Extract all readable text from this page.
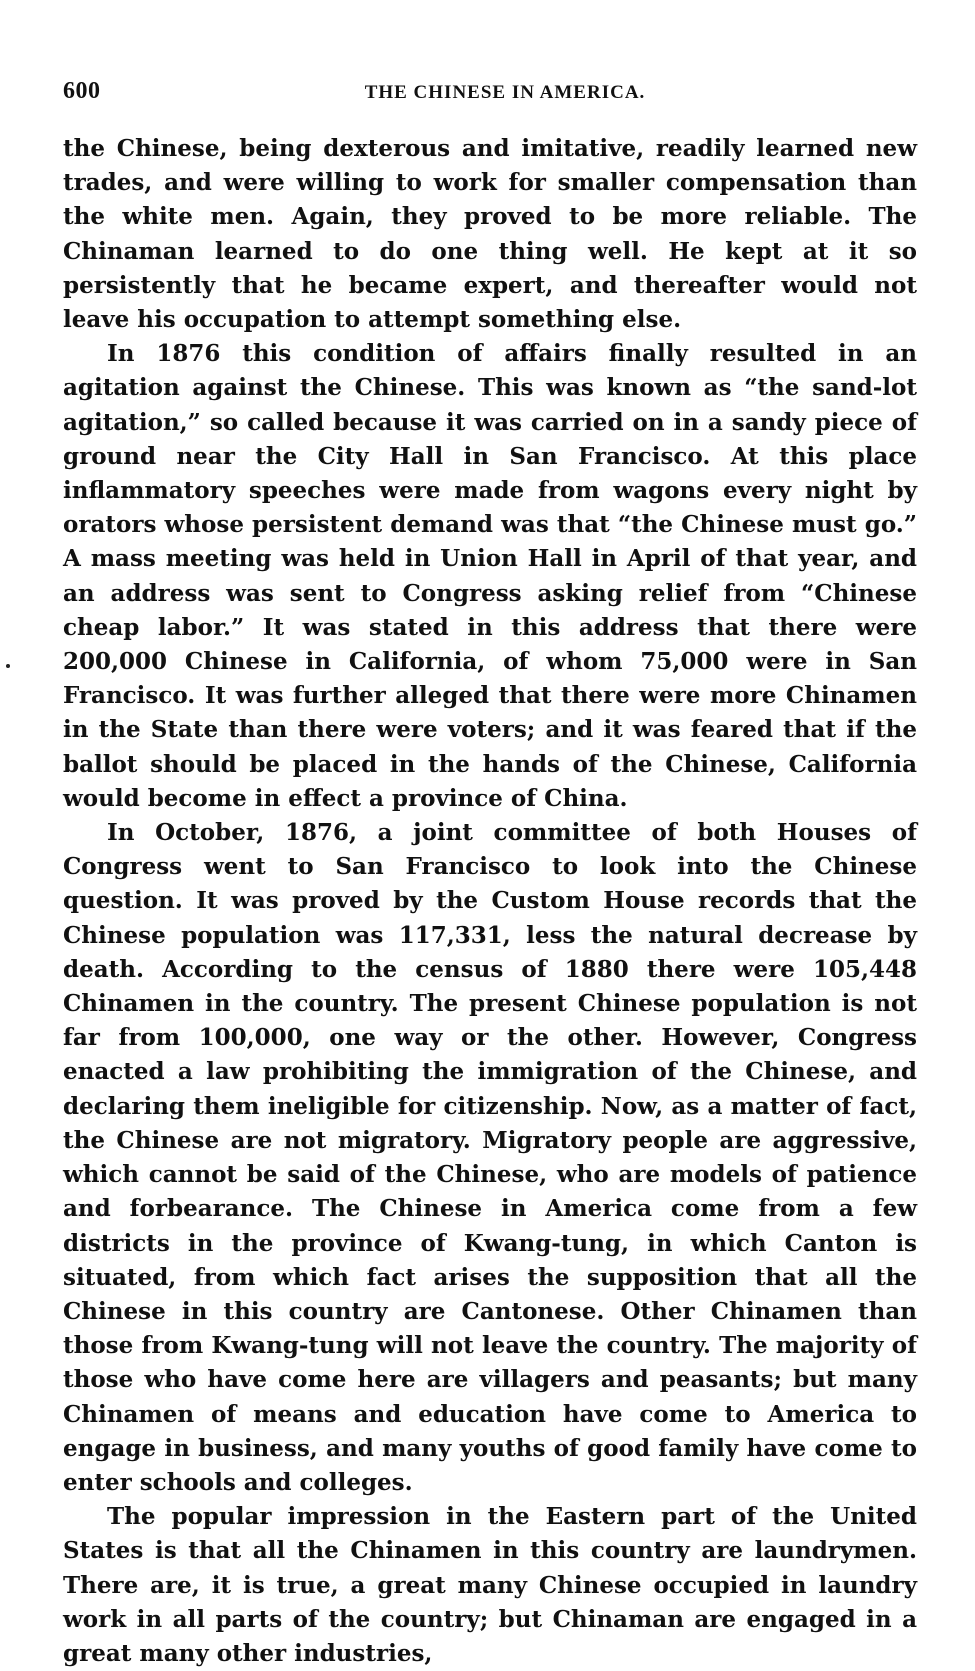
600	THE CHINESE IN AMERICA.

the Chinese, being dexterous and imitative, readily learned new trades, and were willing to work for smaller compensation than the white men. Again, they proved to be more reliable. The Chinaman learned to do one thing well. He kept at it so persistently that he became expert, and thereafter would not leave his occupation to attempt something else.

In 1876 this condition of affairs finally resulted in an agitation against the Chinese. This was known as “the sand-lot agitation,” so called because it was carried on in a sandy piece of ground near the City Hall in San Francisco. At this place inflammatory speeches were made from wagons every night by orators whose persistent demand was that “the Chinese must go.” A mass meeting was held in Union Hall in April of that year, and an address was sent to Congress asking relief from “Chinese cheap labor.” It was stated in this address that there were 200,000 Chinese in California, of whom 75,000 were in San Francisco. It was further alleged that there were more Chinamen in the State than there were voters; and it was feared that if the ballot should be placed in the hands of the Chinese, California would become in effect a province of China.

In October, 1876, a joint committee of both Houses of Congress went to San Francisco to look into the Chinese question. It was proved by the Custom House records that the Chinese population was 117,331, less the natural decrease by death. According to the census of 1880 there were 105,448 Chinamen in the country. The present Chinese population is not far from 100,000, one way or the other. However, Congress enacted a law prohibiting the immigration of the Chinese, and declaring them ineligible for citizenship. Now, as a matter of fact, the Chinese are not migratory. Migratory people are aggressive, which cannot be said of the Chinese, who are models of patience and forbearance. The Chinese in America come from a few districts in the province of Kwang-tung, in which Canton is situated, from which fact arises the supposition that all the Chinese in this country are Cantonese. Other Chinamen than those from Kwang-tung will not leave the country. The majority of those who have come here are villagers and peasants; but many Chinamen of means and education have come to America to engage in business, and many youths of good family have come to enter schools and colleges.

The popular impression in the Eastern part of the United States is that all the Chinamen in this country are laundrymen. There are, it is true, a great many Chinese occupied in laundry work in all parts of the country; but Chinaman are engaged in a great many other industries,
